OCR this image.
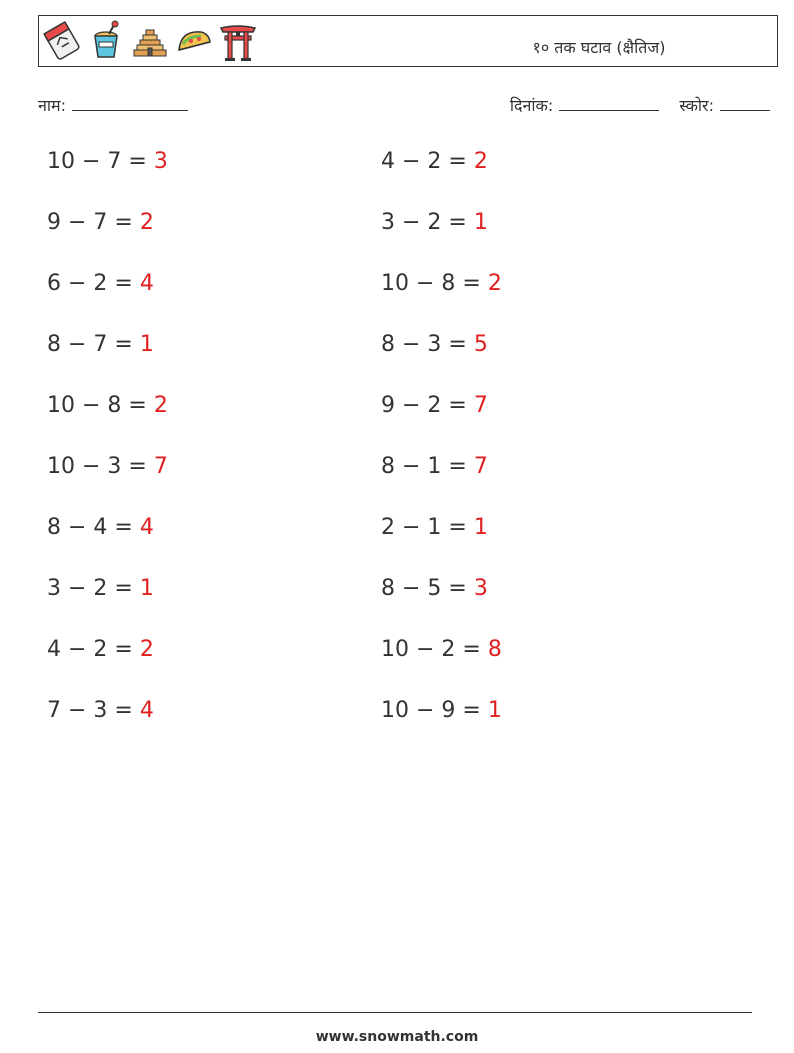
१० तक घटाव (क्षैतिज)
नाम:	दिनांक:	स्कोर:
10 − 7 = 3	4 − 2 = 2
9 − 7 = 2	3 − 2 = 1
6 − 2 = 4	10 − 8 = 2
8 − 7 = 1	8 − 3 = 5
10 − 8 = 2	9 − 2 = 7
10 − 3 = 7	8 − 1 = 7
8 − 4 = 4	2 − 1 = 1
3 − 2 = 1	8 − 5 = 3
4 − 2 = 2	10 − 2 = 8
7 − 3 = 4	10 − 9 = 1
www.snowmath.com
